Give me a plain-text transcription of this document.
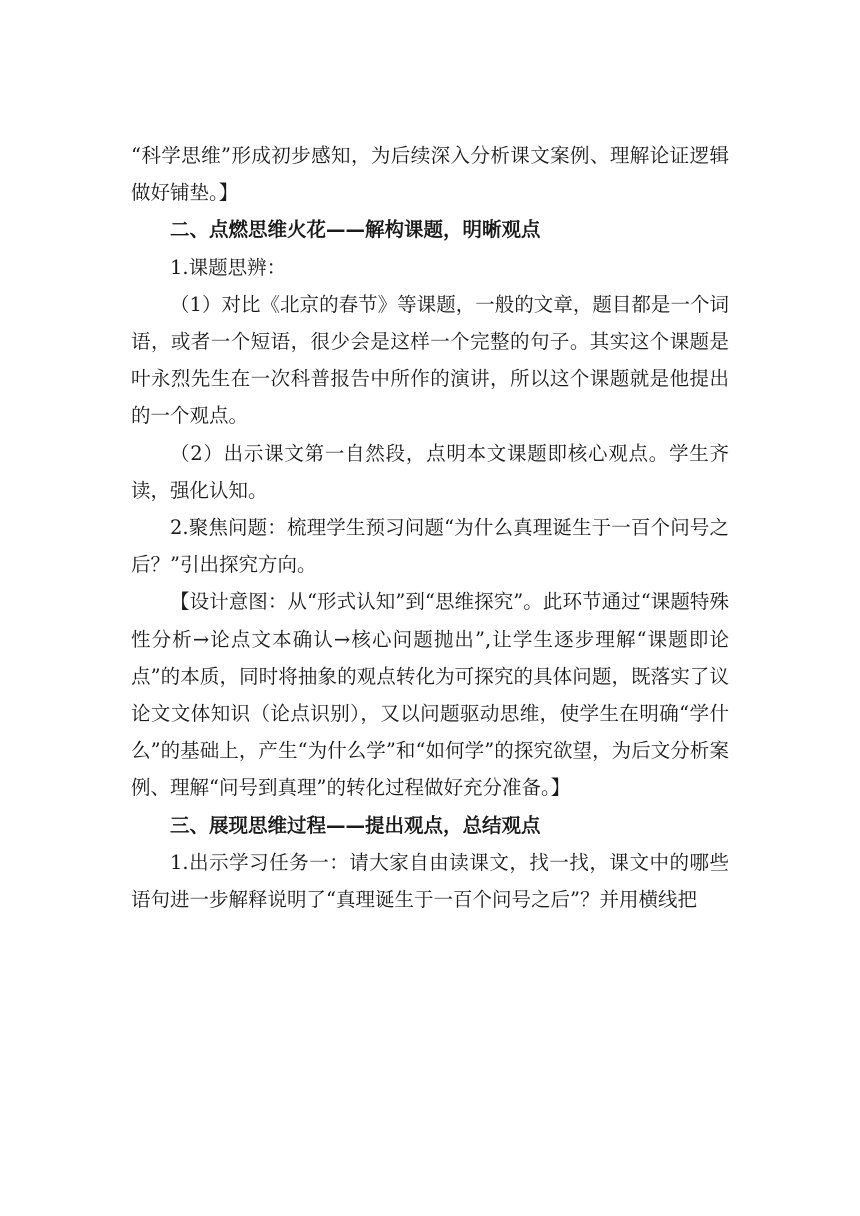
“科学思维”形成初步感知，为后续深入分析课文案例、理解论证逻辑做好铺垫。】

二、点燃思维火花——解构课题，明晰观点

1.课题思辨：

（1）对比《北京的春节》等课题，一般的文章，题目都是一个词语，或者一个短语，很少会是这样一个完整的句子。其实这个课题是叶永烈先生在一次科普报告中所作的演讲，所以这个课题就是他提出的一个观点。

（2）出示课文第一自然段，点明本文课题即核心观点。学生齐读，强化认知。

2.聚焦问题：梳理学生预习问题“为什么真理诞生于一百个问号之后？”引出探究方向。

【设计意图：从“形式认知”到“思维探究”。此环节通过“课题特殊性分析→论点文本确认→核心问题抛出”,让学生逐步理解“课题即论点”的本质，同时将抽象的观点转化为可探究的具体问题，既落实了议论文文体知识（论点识别），又以问题驱动思维，使学生在明确“学什么”的基础上，产生“为什么学”和“如何学”的探究欲望，为后文分析案例、理解“问号到真理”的转化过程做好充分准备。】

三、展现思维过程——提出观点，总结观点

1.出示学习任务一：请大家自由读课文，找一找，课文中的哪些语句进一步解释说明了“真理诞生于一百个问号之后”？并用横线把
